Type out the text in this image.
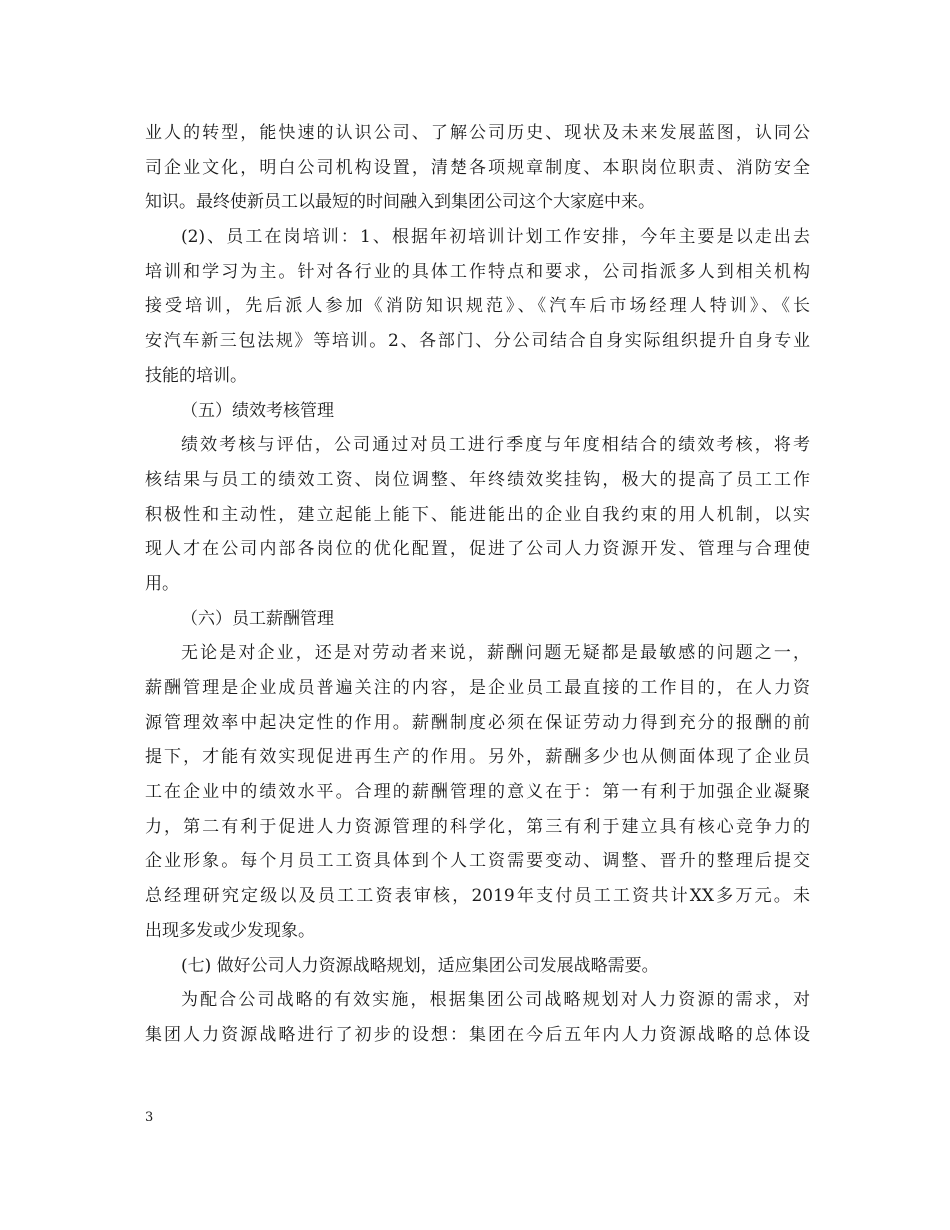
业人的转型，能快速的认识公司、了解公司历史、现状及未来发展蓝图，认同公
司企业文化，明白公司机构设置，清楚各项规章制度、本职岗位职责、消防安全
知识。最终使新员工以最短的时间融入到集团公司这个大家庭中来。
(2)、员工在岗培训：1、根据年初培训计划工作安排，今年主要是以走出去
培训和学习为主。针对各行业的具体工作特点和要求，公司指派多人到相关机构
接受培训，先后派人参加《消防知识规范》、《汽车后市场经理人特训》、《长
安汽车新三包法规》等培训。2、各部门、分公司结合自身实际组织提升自身专业
技能的培训。
（五）绩效考核管理
绩效考核与评估，公司通过对员工进行季度与年度相结合的绩效考核，将考
核结果与员工的绩效工资、岗位调整、年终绩效奖挂钩，极大的提高了员工工作
积极性和主动性，建立起能上能下、能进能出的企业自我约束的用人机制，以实
现人才在公司内部各岗位的优化配置，促进了公司人力资源开发、管理与合理使
用。
（六）员工薪酬管理
无论是对企业，还是对劳动者来说，薪酬问题无疑都是最敏感的问题之一，
薪酬管理是企业成员普遍关注的内容，是企业员工最直接的工作目的，在人力资
源管理效率中起决定性的作用。薪酬制度必须在保证劳动力得到充分的报酬的前
提下，才能有效实现促进再生产的作用。另外，薪酬多少也从侧面体现了企业员
工在企业中的绩效水平。合理的薪酬管理的意义在于：第一有利于加强企业凝聚
力，第二有利于促进人力资源管理的科学化，第三有利于建立具有核心竞争力的
企业形象。每个月员工工资具体到个人工资需要变动、调整、晋升的整理后提交
总经理研究定级以及员工工资表审核，2019年支付员工工资共计XX多万元。未
出现多发或少发现象。
(七) 做好公司人力资源战略规划，适应集团公司发展战略需要。
为配合公司战略的有效实施，根据集团公司战略规划对人力资源的需求，对
集团人力资源战略进行了初步的设想：集团在今后五年内人力资源战略的总体设
3
